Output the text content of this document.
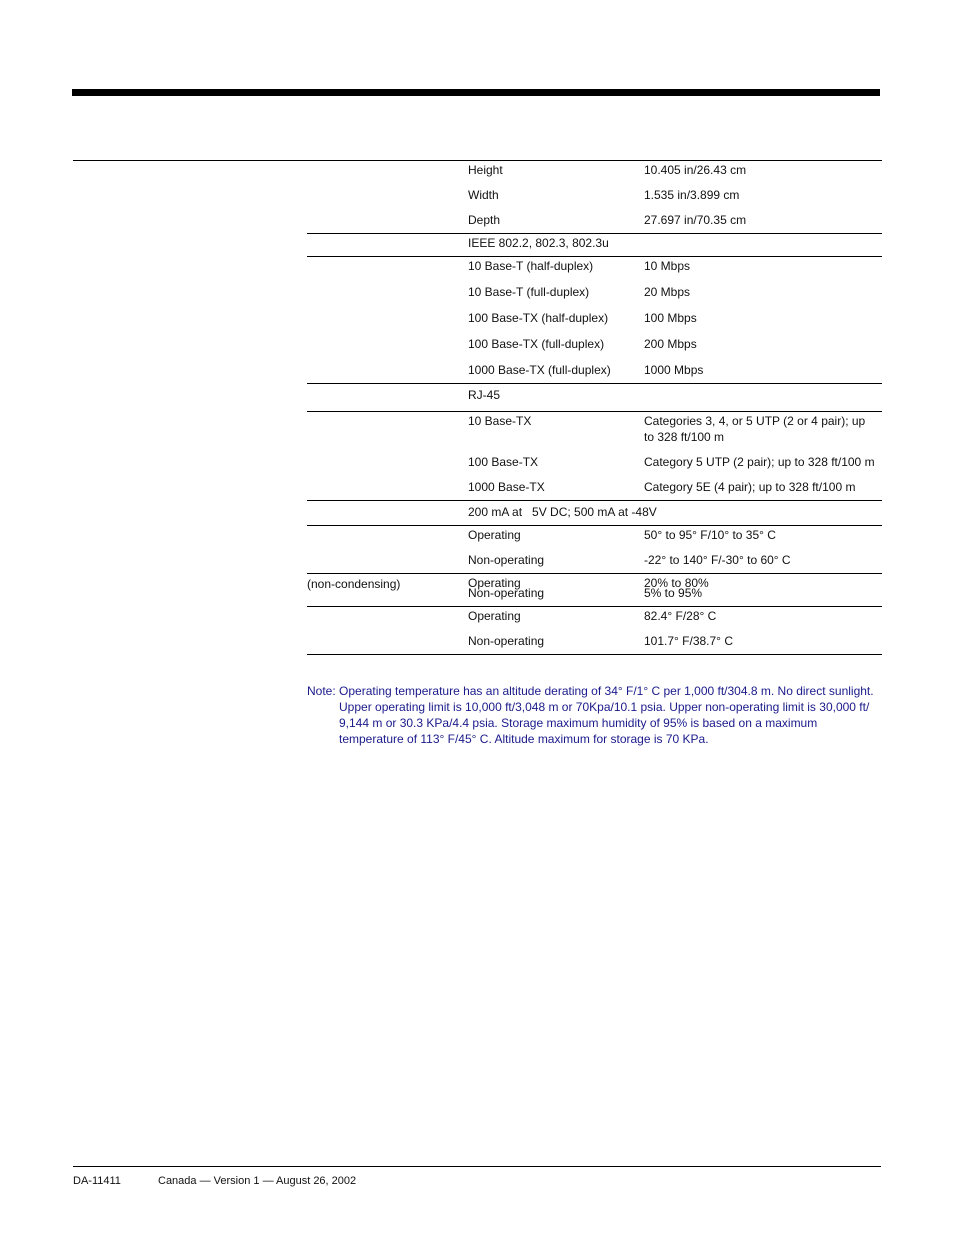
Height	10.405 in/26.43 cm
Width	1.535 in/3.899 cm
Depth	27.697 in/70.35 cm
IEEE 802.2, 802.3, 802.3u
10 Base-T (half-duplex)	10 Mbps
10 Base-T (full-duplex)	20 Mbps
100 Base-TX (half-duplex)	100 Mbps
100 Base-TX (full-duplex)	200 Mbps
1000 Base-TX (full-duplex)	1000 Mbps
RJ-45
10 Base-TX	Categories 3, 4, or 5 UTP (2 or 4 pair); up to 328 ft/100 m
100 Base-TX	Category 5 UTP (2 pair); up to 328 ft/100 m
1000 Base-TX	Category 5E (4 pair); up to 328 ft/100 m
200 mA at   5V DC; 500 mA at -48V
Operating	50° to 95° F/10° to 35° C
Non-operating	-22° to 140° F/-30° to 60° C
(non-condensing)	Operating	20% to 80%
Non-operating	5% to 95%
Operating	82.4° F/28° C
Non-operating	101.7° F/38.7° C

Note: Operating temperature has an altitude derating of 34° F/1° C per 1,000 ft/304.8 m. No direct sunlight. Upper operating limit is 10,000 ft/3,048 m or 70Kpa/10.1 psia. Upper non-operating limit is 30,000 ft/ 9,144 m or 30.3 KPa/4.4 psia. Storage maximum humidity of 95% is based on a maximum temperature of 113° F/45° C. Altitude maximum for storage is 70 KPa.

DA-11411	Canada — Version 1 — August 26, 2002
